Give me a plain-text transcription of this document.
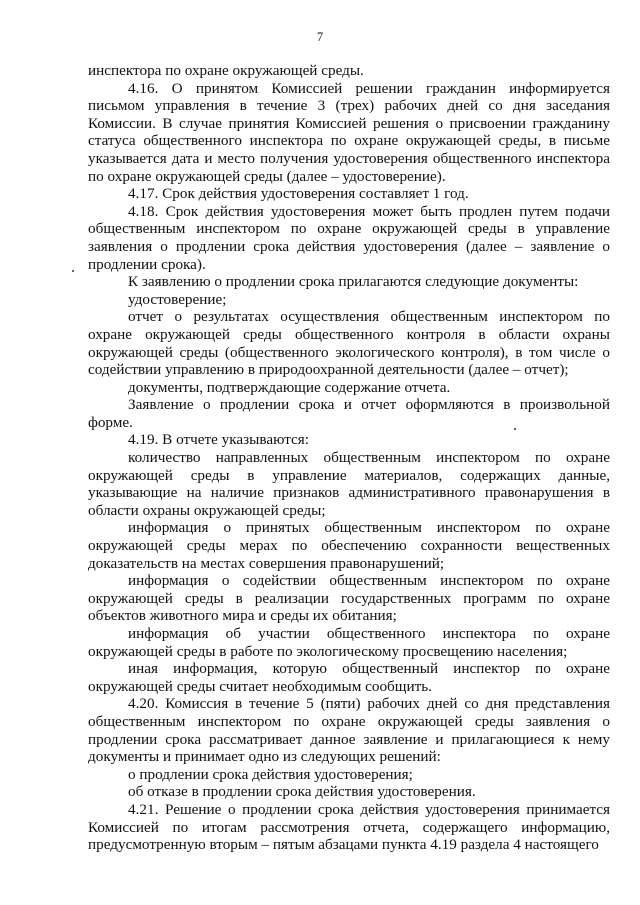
7

инспектора по охране окружающей среды.

4.16. О принятом Комиссией решении гражданин информируется письмом управления в течение 3 (трех) рабочих дней со дня заседания Комиссии. В случае принятия Комиссией решения о присвоении гражданину статуса общественного инспектора по охране окружающей среды, в письме указывается дата и место получения удостоверения общественного инспектора по охране окружающей среды (далее – удостоверение).

4.17. Срок действия удостоверения составляет 1 год.

4.18. Срок действия удостоверения может быть продлен путем подачи общественным инспектором по охране окружающей среды в управление заявления о продлении срока действия удостоверения (далее – заявление о продлении срока).

К заявлению о продлении срока прилагаются следующие документы:

удостоверение;

отчет о результатах осуществления общественным инспектором по охране окружающей среды общественного контроля в области охраны окружающей среды (общественного экологического контроля), в том числе о содействии управлению в природоохранной деятельности (далее – отчет);

документы, подтверждающие содержание отчета.

Заявление о продлении срока и отчет оформляются в произвольной форме.

4.19. В отчете указываются:

количество направленных общественным инспектором по охране окружающей среды в управление материалов, содержащих данные, указывающие на наличие признаков административного правонарушения в области охраны окружающей среды;

информация о принятых общественным инспектором по охране окружающей среды мерах по обеспечению сохранности вещественных доказательств на местах совершения правонарушений;

информация о содействии общественным инспектором по охране окружающей среды в реализации государственных программ по охране объектов животного мира и среды их обитания;

информация об участии общественного инспектора по охране окружающей среды в работе по экологическому просвещению населения;

иная информация, которую общественный инспектор по охране окружающей среды считает необходимым сообщить.

4.20. Комиссия в течение 5 (пяти) рабочих дней со дня представления общественным инспектором по охране окружающей среды заявления о продлении срока рассматривает данное заявление и прилагающиеся к нему документы и принимает одно из следующих решений:

о продлении срока действия удостоверения;

об отказе в продлении срока действия удостоверения.

4.21. Решение о продлении срока действия удостоверения принимается Комиссией по итогам рассмотрения отчета, содержащего информацию, предусмотренную вторым – пятым абзацами пункта 4.19 раздела 4 настоящего
